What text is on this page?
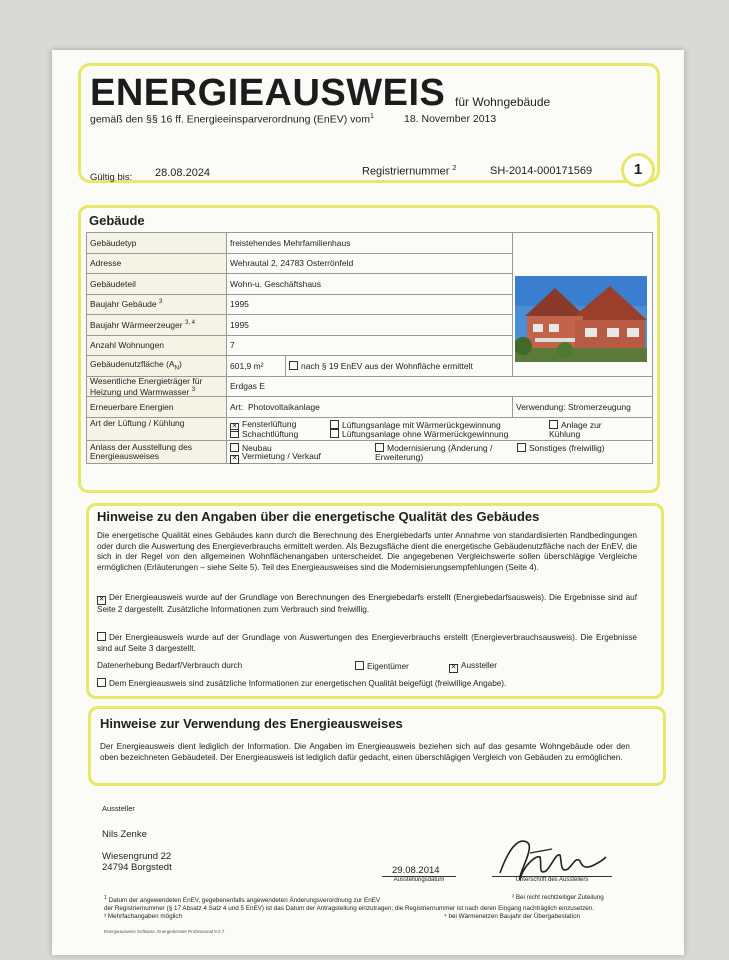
ENERGIEAUSWEIS für Wohngebäude
gemäß den §§ 16 ff. Energieeinsparverordnung (EnEV) vom$^1$	18. November 2013
Gültig bis: 28.08.2024	Registriernummer $^2$	SH-2014-000171569	1
Gebäude
Gebäudetyp	freistehendes Mehrfamilienhaus		
Adresse	Wehrautal 2, 24783 Osterrönfeld		
Gebäudeteil	Wohn-u. Geschäftshaus		
Baujahr Gebäude $^3$	1995		
Baujahr Wärmeerzeuger $^{3, 4}$	1995		
Anzahl Wohnungen	7		
Gebäudenutzfläche $(A_N)$	601,9 m²	nach § 19 EnEV aus der Wohnfläche ermittelt	
Wesentliche Energieträger für Heizung und Warmwasser $^3$	Erdgas E		
Erneuerbare Energien	Art: Photovoltaikanlage		Verwendung: Stromerzeugung
Art der Lüftung / Kühlung	✕ Fensterlüftung
Schachtlüftung
Lüftungsanlage mit Wärmerückgewinnung
Lüftungsanlage ohne Wärmerückgewinnung
Anlage zur Kühlung		

Anlass der Ausstellung des Energieausweises	Neubau
✕ Vermietung / Verkauf
Modernisierung (Änderung / Erweiterung)
Sonstiges (freiwillig)		
Hinweise zu den Angaben über die energetische Qualität des Gebäudes
Die energetische Qualität eines Gebäudes kann durch die Berechnung des Energiebedarfs unter Annahme von standardisierten Randbedingungen oder durch die Auswertung des Energieverbrauchs ermittelt werden. Als Bezugsfläche dient die energetische Gebäudenutzfläche nach der EnEV, die sich in der Regel von den allgemeinen Wohnflächenangaben unterscheidet. Die angegebenen Vergleichswerte sollen überschlägige Vergleiche ermöglichen (Erläuterungen – siehe Seite 5). Teil des Energieausweises sind die Modernisierungsempfehlungen (Seite 4).
✕ Der Energieausweis wurde auf der Grundlage von Berechnungen des Energiebedarfs erstellt (Energiebedarfsausweis). Die Ergebnisse sind auf Seite 2 dargestellt. Zusätzliche Informationen zum Verbrauch sind freiwillig.
Der Energieausweis wurde auf der Grundlage von Auswertungen des Energieverbrauchs erstellt (Energieverbrauchsausweis). Die Ergebnisse sind auf Seite 3 dargestellt.
Datenerhebung Bedarf/Verbrauch durch	Eigentümer	✕ Aussteller
Dem Energieausweis sind zusätzliche Informationen zur energetischen Qualität beigefügt (freiwillige Angabe).
Hinweise zur Verwendung des Energieausweises
Der Energieausweis dient lediglich der Information. Die Angaben im Energieausweis beziehen sich auf das gesamte Wohngebäude oder den oben bezeichneten Gebäudeteil. Der Energieausweis ist lediglich dafür gedacht, einen überschlägigen Vergleich von Gebäuden zu ermöglichen.
Aussteller
Nils Zenke
Wiesengrund 22
24794 Borgstedt	29.08.2014
Ausstellungsdatum	Unterschrift des Ausstellers
$^1$ Datum der angewendeten EnEV, gegebenenfalls angewendeten Änderungsverordnung zur EnEV	² Bei nicht rechtzeitiger Zuteilung
der Registriernummer (§ 17 Absatz 4 Satz 4 und 5 EnEV) ist das Datum der Antragstellung einzutragen; die Registriernummer ist nach deren Eingang nachträglich einzusetzen.
³ Mehrfachangaben möglich	⁴ bei Wärmenetzen Baujahr der Übergabestation
Energieausweis Software, Energieberater Professional 8.0.7
